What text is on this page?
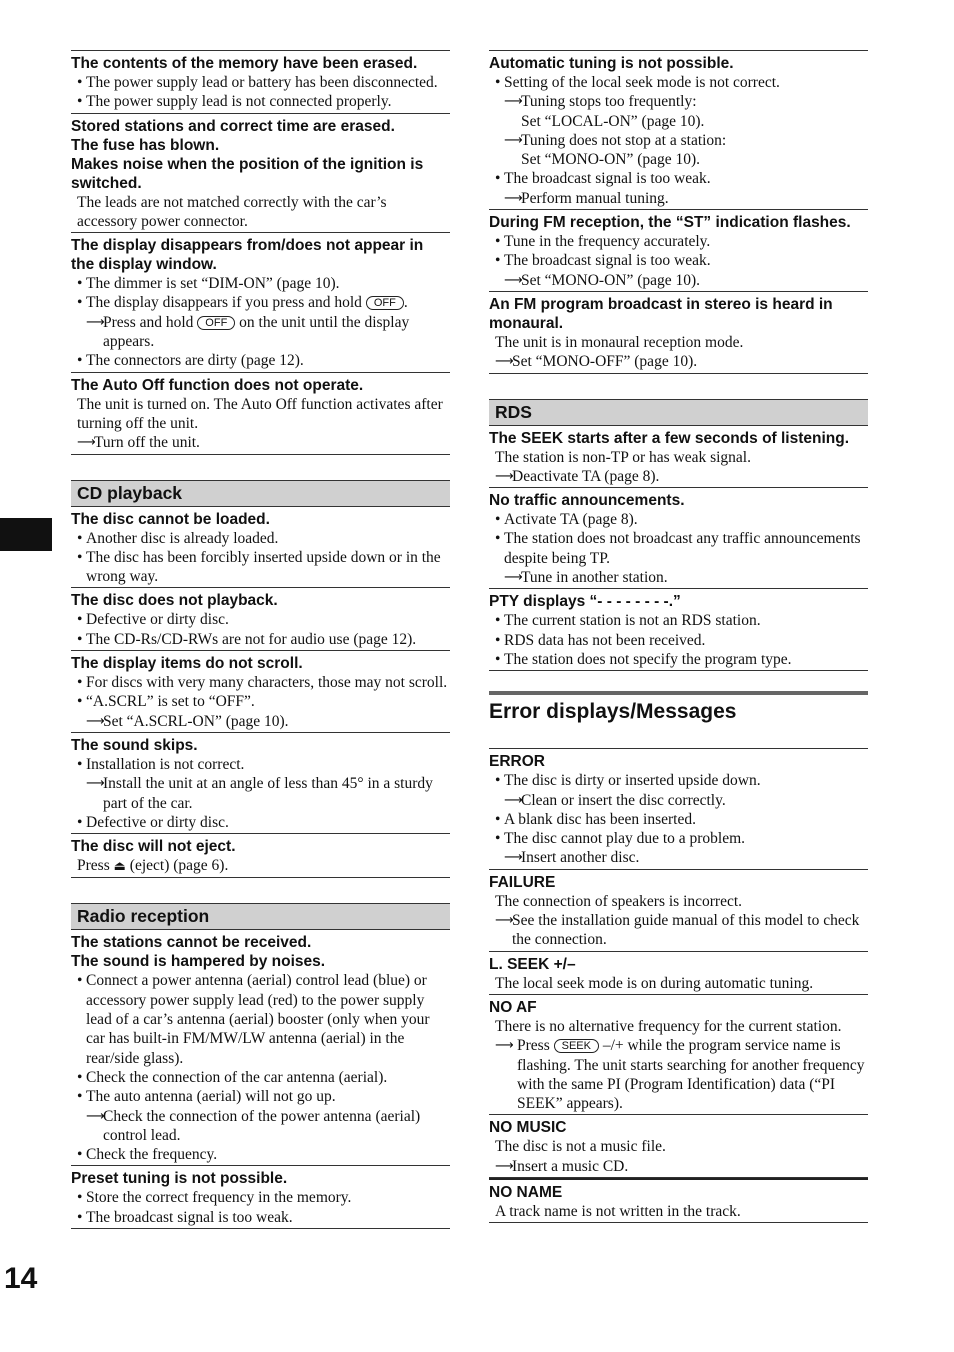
14
The contents of the memory have been erased.
• The power supply lead or battery has been disconnected.
• The power supply lead is not connected properly.
Stored stations and correct time are erased.
The fuse has blown.
Makes noise when the position of the ignition is switched.
The leads are not matched correctly with the car’s accessory power connector.
The display disappears from/does not appear in the display window.
• The dimmer is set “DIM-ON” (page 10).
• The display disappears if you press and hold OFF .
⟶
Press and hold OFF on the unit until the display appears.
• The connectors are dirty (page 12).
The Auto Off function does not operate.
The unit is turned on. The Auto Off function activates after turning off the unit.
⟶
Turn off the unit.
CD playback
The disc cannot be loaded.
• Another disc is already loaded.
• The disc has been forcibly inserted upside down or in the wrong way.
The disc does not playback.
• Defective or dirty disc.
• The CD-Rs/CD-RWs are not for audio use (page 12).
The display items do not scroll.
• For discs with very many characters, those may not scroll.
• “A.SCRL” is set to “OFF”.
⟶
Set “A.SCRL-ON” (page 10).
The sound skips.
• Installation is not correct.
⟶
Install the unit at an angle of less than 45° in a sturdy part of the car.
• Defective or dirty disc.
The disc will not eject.
Press ⏏ (eject) (page 6).
Radio reception
The stations cannot be received.
The sound is hampered by noises.
• Connect a power antenna (aerial) control lead (blue) or accessory power supply lead (red) to the power supply lead of a car’s antenna (aerial) booster (only when your car has built-in FM/MW/LW antenna (aerial) in the rear/side glass).
• Check the connection of the car antenna (aerial).
• The auto antenna (aerial) will not go up.
⟶
Check the connection of the power antenna (aerial) control lead.
• Check the frequency.
Preset tuning is not possible.
• Store the correct frequency in the memory.
• The broadcast signal is too weak.
Automatic tuning is not possible.
• Setting of the local seek mode is not correct.
⟶
Tuning stops too frequently:
Set “LOCAL-ON” (page 10).
⟶
Tuning does not stop at a station:
Set “MONO-ON” (page 10).
• The broadcast signal is too weak.
⟶
Perform manual tuning.
During FM reception, the “ST” indication flashes.
• Tune in the frequency accurately.
• The broadcast signal is too weak.
⟶
Set “MONO-ON” (page 10).
An FM program broadcast in stereo is heard in monaural.
The unit is in monaural reception mode.
⟶
Set “MONO-OFF” (page 10).
RDS
The SEEK starts after a few seconds of listening.
The station is non-TP or has weak signal.
⟶
Deactivate TA (page 8).
No traffic announcements.
• Activate TA (page 8).
• The station does not broadcast any traffic announcements despite being TP.
⟶
Tune in another station.
PTY displays “- - - - - - - -.”
• The current station is not an RDS station.
• RDS data has not been received.
• The station does not specify the program type.
Error displays/Messages
ERROR
• The disc is dirty or inserted upside down.
⟶
Clean or insert the disc correctly.
• A blank disc has been inserted.
• The disc cannot play due to a problem.
⟶
Insert another disc.
FAILURE
The connection of speakers is incorrect.
⟶
See the installation guide manual of this model to check the connection.
L. SEEK +/–
The local seek mode is on during automatic tuning.
NO AF
There is no alternative frequency for the current station.
⟶ Press SEEK –/+ while the program service name is flashing. The unit starts searching for another frequency with the same PI (Program Identification) data (“PI SEEK” appears).
NO MUSIC
The disc is not a music file.
⟶
Insert a music CD.
NO NAME
A track name is not written in the track.
